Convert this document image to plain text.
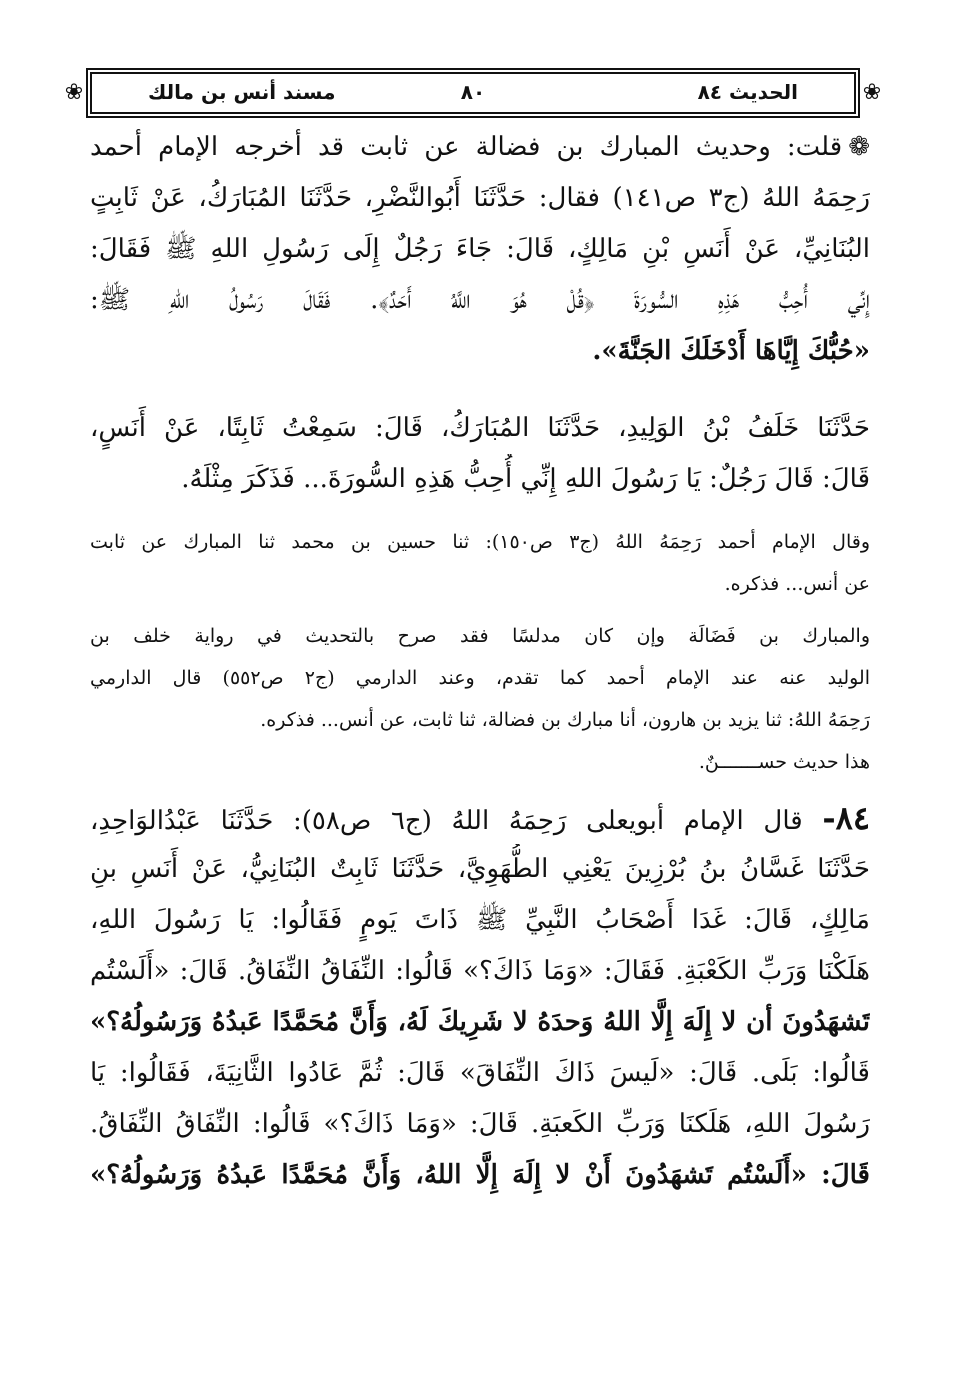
❀	الحديث ٨٤
٨٠
مسند أنس بن مالك	❀
❁قلت: وحديث المبارك بن فضالة عن ثابت قد أخرجه الإمام أحمد
رَحِمَهُ اللهُ (ج٣ ص١٤١) فقال: حَدَّثَنَا أَبُوالنَّضْرِ، حَدَّثَنَا المُبَارَكُ، عَنْ ثَابِتٍ
البُنَانِيِّ، عَنْ أَنَسِ بْنِ مَالِكٍ، قَالَ: جَاءَ رَجُلٌ إِلَى رَسُولِ اللهِ ﷺ فَقَالَ:
إِنِّي أُحِبُّ هَذِهِ السُّورَةَ ﴿قُلْ هُوَ اللَّهُ أَحَدٌ﴾. فَقَالَ رَسُولُ اللهِ ﷺ:
«حُبُّكَ إِيَّاهَا أَدْخَلَكَ الجَنَّةَ».
حَدَّثَنَا خَلَفُ بْنُ الوَلِيدِ، حَدَّثَنَا المُبَارَكُ، قَالَ: سَمِعْتُ ثَابِتًا، عَنْ أَنَسٍ،
قَالَ: قَالَ رَجُلٌ: يَا رَسُولَ اللهِ إِنِّي أُحِبُّ هَذِهِ السُّورَةَ... فَذَكَرَ مِثْلَهُ.
وقال الإمام أحمد رَحِمَهُ اللهُ (ج٣ ص١٥٠): ثنا حسين بن محمد ثنا المبارك عن ثابت
عن أنس... فذكره.
والمبارك بن فَضَالَة وإن كان مدلسًا فقد صرح بالتحديث في رواية خلف بن
الوليد عنه عند الإمام أحمد كما تقدم، وعند الدارمي (ج٢ ص٥٥٢) قال الدارمي
رَحِمَهُ اللهُ: ثنا يزيد بن هارون، أنا مبارك بن فضالة، ثنا ثابت، عن أنس... فذكره.
هذا حديث حســـــــنٌ.
٨٤- قال الإمام أبويعلى رَحِمَهُ اللهُ (ج٦ ص٥٨): حَدَّثَنَا عَبْدُالوَاحِدِ،
حَدَّثَنَا غَسَّانُ بنُ بُرْزِينَ يَعْنِي الطُّهَوِيَّ، حَدَّثَنَا ثَابِتٌ البُنَانِيُّ، عَنْ أَنَسِ بنِ
مَالِكٍ، قَالَ: غَدَا أَصْحَابُ النَّبِيِّ ﷺ ذَاتَ يَومٍ فَقَالُوا: يَا رَسُولَ اللهِ،
هَلَكْنَا وَرَبِّ الكَعْبَةِ. فَقَالَ: «وَمَا ذَاكَ؟» قَالُوا: النِّفَاقُ النِّفَاقُ. قَالَ: «أَلَسْتُم
تَشهَدُونَ أن لا إِلَهَ إِلَّا اللهُ وَحدَهُ لا شَرِيكَ لَهُ، وَأَنَّ مُحَمَّدًا عَبدُهُ وَرَسُولُهُ؟»
قَالُوا: بَلَى. قَالَ: «لَيسَ ذَاكَ النِّفَاقَ» قَالَ: ثُمَّ عَادُوا الثَّانِيَةَ، فَقَالُوا: يَا
رَسُولَ اللهِ، هَلَكنَا وَرَبِّ الكَعبَةِ. قَالَ: «وَمَا ذَاكَ؟» قَالُوا: النِّفَاقُ النِّفَاقُ.
قَالَ: «أَلَسْتُم تَشهَدُونَ أَنْ لا إِلَهَ إِلَّا اللهُ، وَأَنَّ مُحَمَّدًا عَبدُهُ وَرَسُولُهُ؟»
